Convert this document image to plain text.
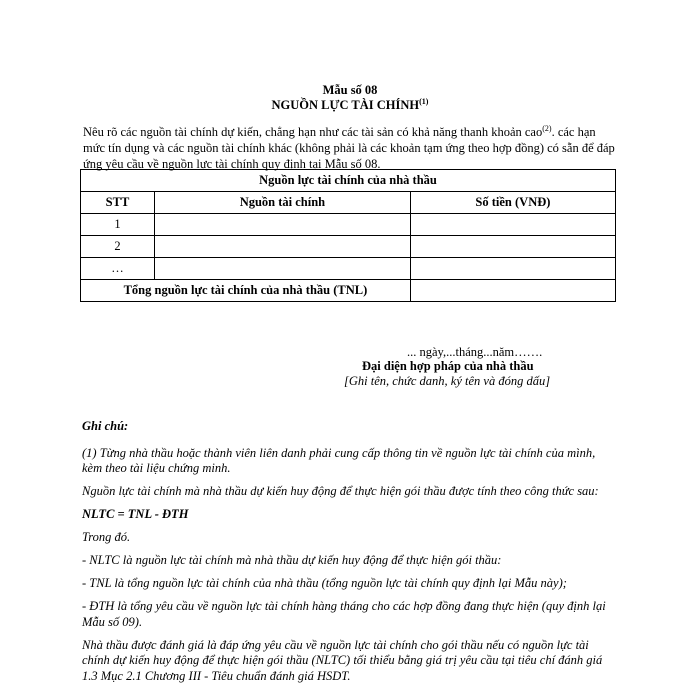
Mẫu số 08
NGUỒN LỰC TÀI CHÍNH$^{(1)}$
Nêu rõ các nguồn tài chính dự kiến, chẳng hạn như các tài sản có khả năng thanh khoản cao$^{(2)}$. các hạn mức tín dụng và các nguồn tài chính khác (không phải là các khoản tạm ứng theo hợp đồng) có sẵn để đáp ứng yêu cầu về nguồn lực tài chính quy định tại Mẫu số 08.
Nguồn lực tài chính của nhà thầu		
STT	Nguồn tài chính	Số tiền (VNĐ)
1		
2		
…		
Tổng nguồn lực tài chính của nhà thầu (TNL)		
... ngày,...tháng...năm…….
Đại diện hợp pháp của nhà thầu
[Ghi tên, chức danh, ký tên và đóng dấu]

Ghi chú:

(1) Từng nhà thầu hoặc thành viên liên danh phải cung cấp thông tin về nguồn lực tài chính của mình, kèm theo tài liệu chứng minh.

Nguồn lực tài chính mà nhà thầu dự kiến huy động để thực hiện gói thầu được tính theo công thức sau:

NLTC = TNL - ĐTH

Trong đó.

- NLTC là nguồn lực tài chính mà nhà thầu dự kiến huy động để thực hiện gói thầu:

- TNL là tổng nguồn lực tài chính của nhà thầu (tổng nguồn lực tài chính quy định lại Mẫu này);

- ĐTH là tổng yêu cầu về nguồn lực tài chính hàng tháng cho các hợp đồng đang thực hiện (quy định lại Mẫu số 09).

Nhà thầu được đánh giá là đáp ứng yêu cầu về nguồn lực tài chính cho gói thầu nếu có nguồn lực tài chính dự kiến huy động để thực hiện gói thầu (NLTC) tối thiểu bằng giá trị yêu cầu tại tiêu chí đánh giá 1.3 Mục 2.1 Chương III - Tiêu chuẩn đánh giá HSDT.
